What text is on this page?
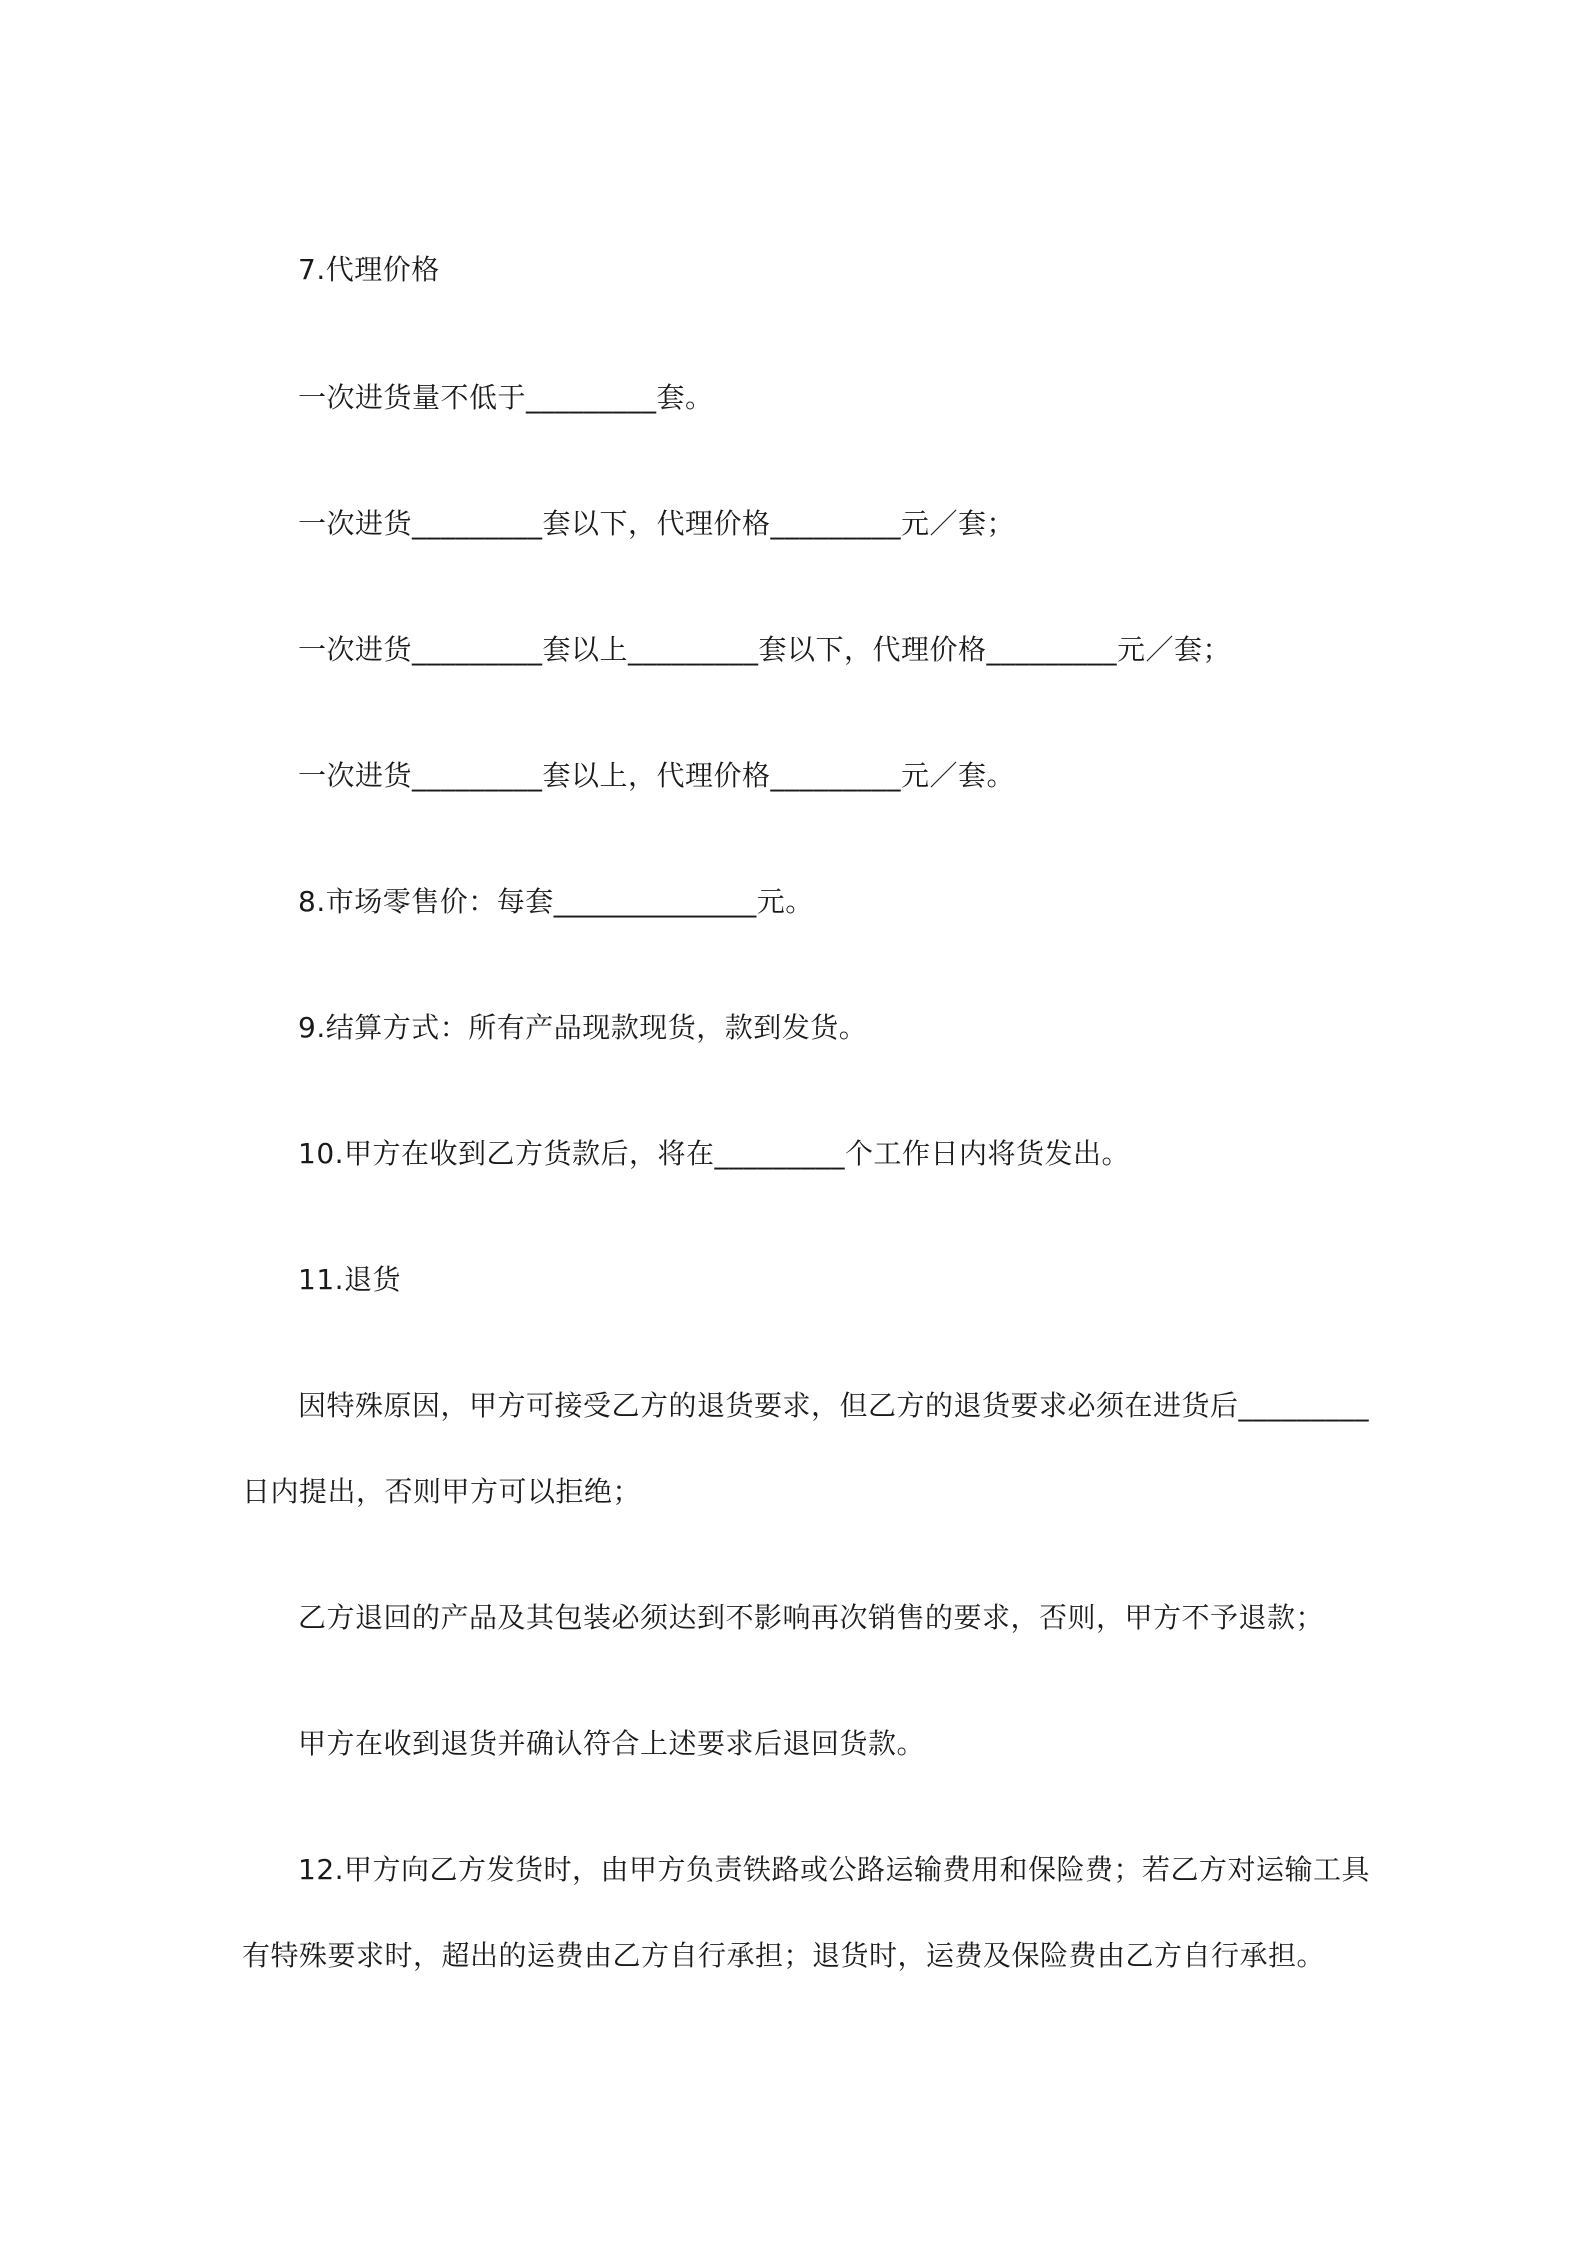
7.代理价格
一次进货量不低于_________套。
一次进货_________套以下，代理价格_________元／套；
一次进货_________套以上_________套以下，代理价格_________元／套；
一次进货_________套以上，代理价格_________元／套。
8.市场零售价：每套______________元。
9.结算方式：所有产品现款现货，款到发货。
10.甲方在收到乙方货款后，将在_________个工作日内将货发出。
11.退货
因特殊原因，甲方可接受乙方的退货要求，但乙方的退货要求必须在进货后_________
日内提出，否则甲方可以拒绝；
乙方退回的产品及其包装必须达到不影响再次销售的要求，否则，甲方不予退款；
甲方在收到退货并确认符合上述要求后退回货款。
12.甲方向乙方发货时，由甲方负责铁路或公路运输费用和保险费；若乙方对运输工具
有特殊要求时，超出的运费由乙方自行承担；退货时，运费及保险费由乙方自行承担。
